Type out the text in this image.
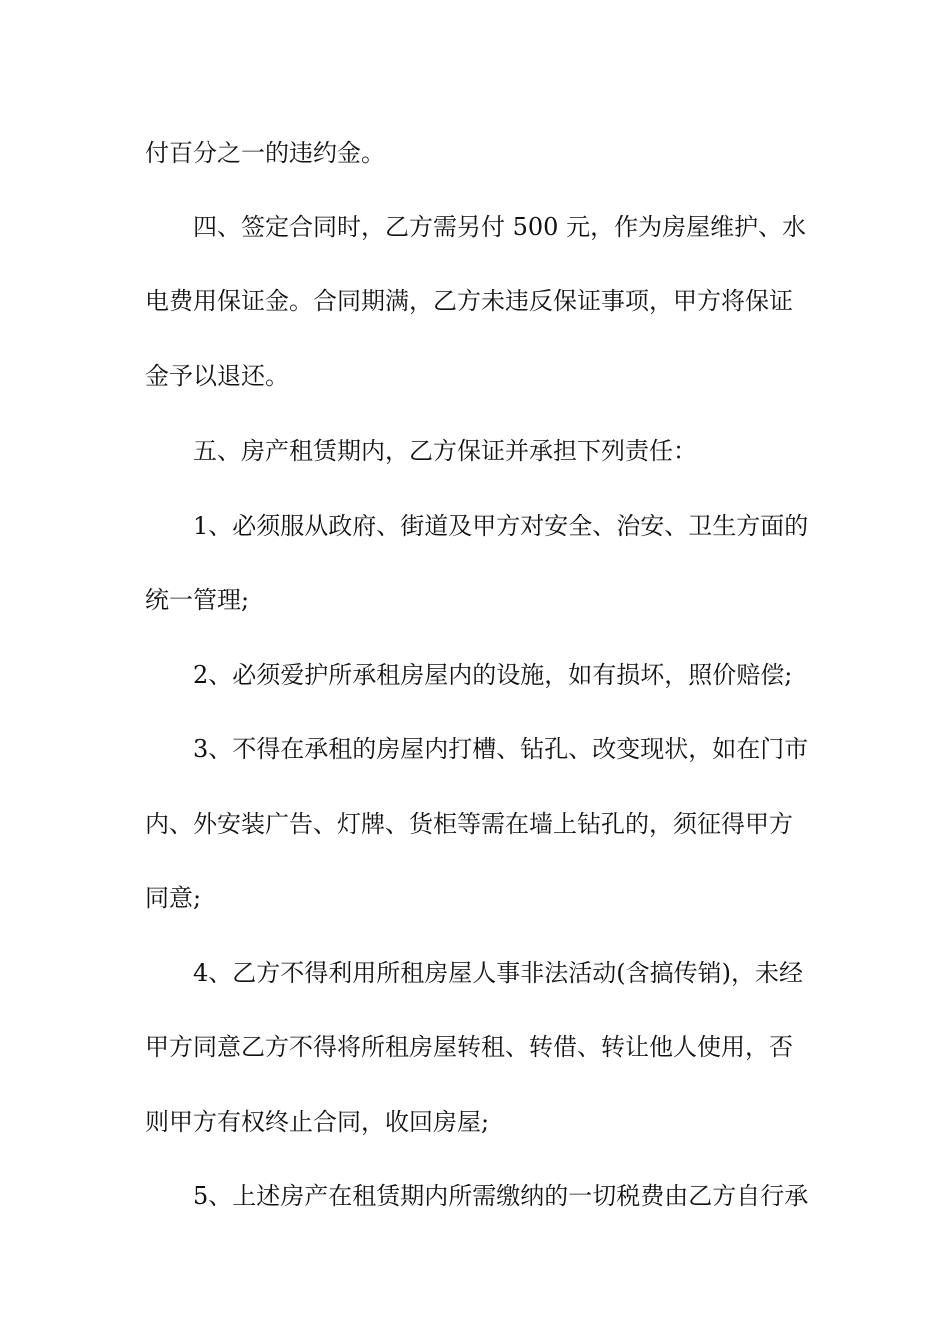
付百分之一的违约金。
四、签定合同时，乙方需另付 500 元，作为房屋维护、水
电费用保证金。合同期满，乙方未违反保证事项，甲方将保证
金予以退还。
五、房产租赁期内，乙方保证并承担下列责任：
1、必须服从政府、街道及甲方对安全、治安、卫生方面的
统一管理;
2、必须爱护所承租房屋内的设施，如有损坏，照价赔偿;
3、不得在承租的房屋内打槽、钻孔、改变现状，如在门市
内、外安装广告、灯牌、货柜等需在墙上钻孔的，须征得甲方
同意;
4、乙方不得利用所租房屋人事非法活动(含搞传销)，未经
甲方同意乙方不得将所租房屋转租、转借、转让他人使用，否
则甲方有权终止合同，收回房屋;
5、上述房产在租赁期内所需缴纳的一切税费由乙方自行承
